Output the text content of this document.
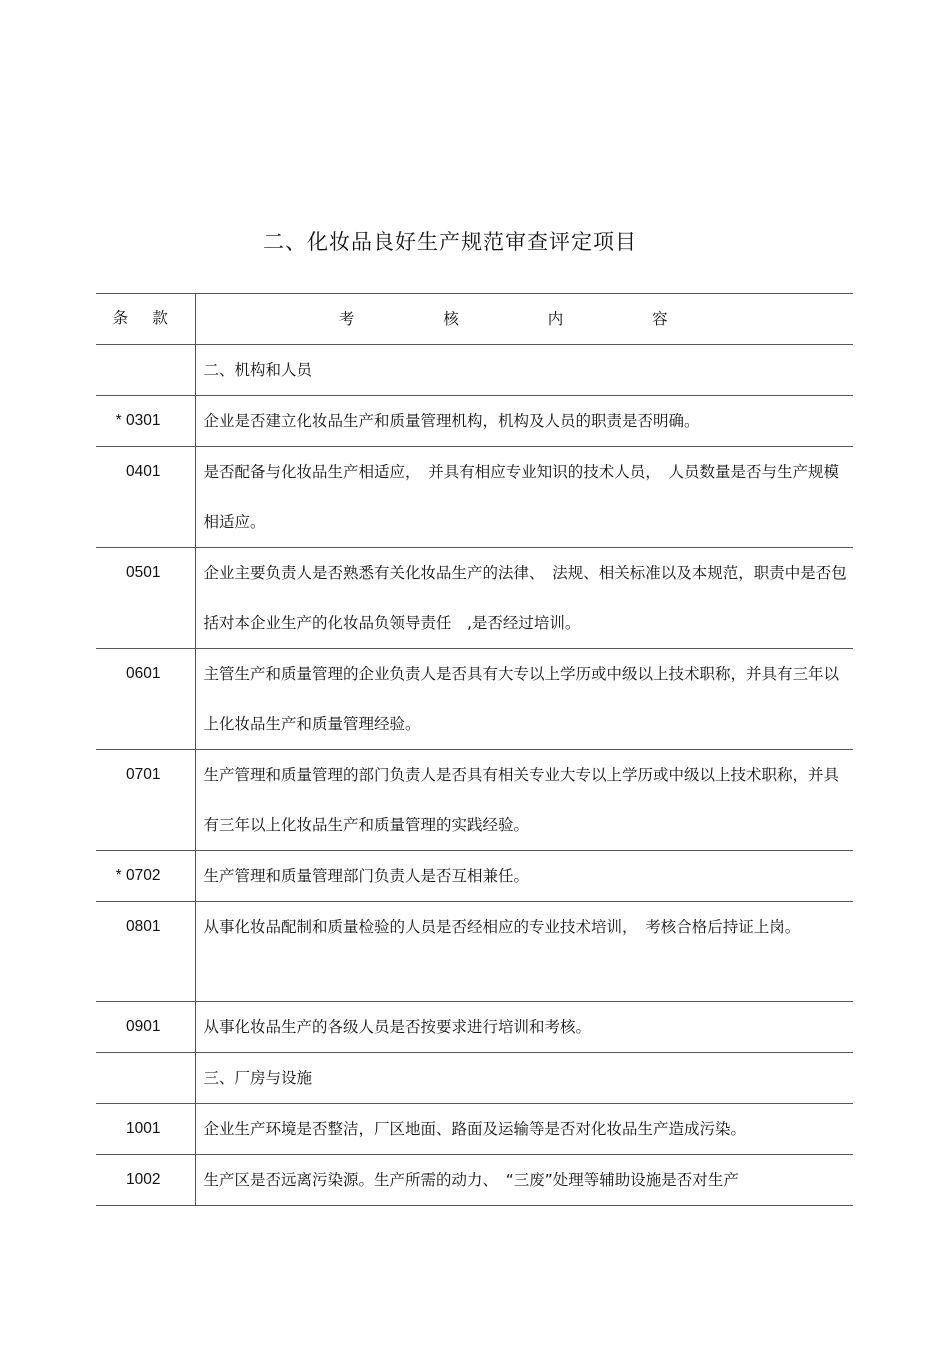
二、化妆品良好生产规范审查评定项目
条 款	考 核 内 容
	二、机构和人员
* 0301	企业是否建立化妆品生产和质量管理机构，机构及人员的职责是否明确。
0401	是否配备与化妆品生产相适应，　并具有相应专业知识的技术人员，　人员数量是否与生产规模相适应。
0501	企业主要负责人是否熟悉有关化妆品生产的法律、　法规、相关标准以及本规范，职责中是否包括对本企业生产的化妆品负领导责任　,是否经过培训。
0601	主管生产和质量管理的企业负责人是否具有大专以上学历或中级以上技术职称，并具有三年以上化妆品生产和质量管理经验。
0701	生产管理和质量管理的部门负责人是否具有相关专业大专以上学历或中级以上技术职称，并具有三年以上化妆品生产和质量管理的实践经验。
* 0702	生产管理和质量管理部门负责人是否互相兼任。
0801	从事化妆品配制和质量检验的人员是否经相应的专业技术培训，　考核合格后持证上岗。
0901	从事化妆品生产的各级人员是否按要求进行培训和考核。
	三、厂房与设施
1001	企业生产环境是否整洁，厂区地面、路面及运输等是否对化妆品生产造成污染。
1002	生产区是否远离污染源。生产所需的动力、　“三废”处理等辅助设施是否对生产
